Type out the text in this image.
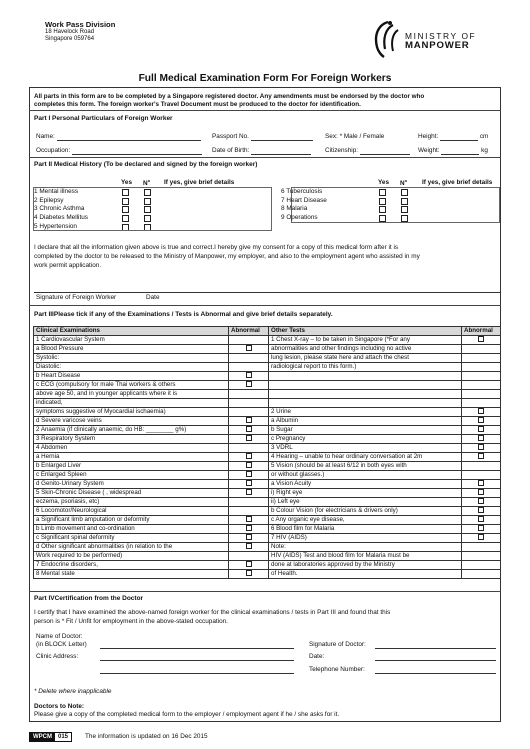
Work Pass Division
18 Havelock Road
Singapore 059764	MINISTRY OF
MANPOWER
Full Medical Examination Form For Foreign Workers
All parts in this form are to be completed by a Singapore registered doctor. Any amendments must be endorsed by the doctor who
completes this form. The foreign worker's Travel Document must be produced to the doctor for identification.
Part I Personal Particulars of Foreign Worker
Name:	Passport No.	Sex: * Male / Female	Height:	cm
Occupation:	Date of Birth:	Citizenship:	Weight:	kg
Part II Medical History (To be declared and signed by the foreign worker)
Yes $N^o$ If yes, give brief details	Yes $N^o$ If yes, give brief details
1 Mental illness
2 Epilepsy
3 Chronic Asthma
4 Diabetes Mellitus
5 Hypertension
6 Tuberculosis
7 Heart Disease
8 Malaria
9 Operations
I declare that all the information given above is true and correct.I hereby give my consent for a copy of this medical form after it is
completed by the doctor to be released to the Ministry of Manpower, my employer, and also to the employment agent who assisted in my
work permit application.
Signature of Foreign Worker	Date
Part IIIPlease tick if any of the Examinations / Tests is Abnormal and give brief details separately.
Clinical Examinations	Abnormal	Other Tests	Abnormal
1 Cardiovascular System		1 Chest X-ray – to be taken in Singapore (*For any	
a Blood Pressure		abnormalities and other findings including no active	
Systolic:		lung lesion, please state here and attach the chest	
Diastolic:		radiological report to this form.)	
b Heart Disease			
c ECG (compulsory for male Thai workers & others			
above age 50, and in younger applicants where it is			
indicated,			
symptoms suggestive of Myocardial ischaemia)		2 Urine	
d Severe varicose veins		a Albumin	
2 Anaemia (if clinically anaemic, do HB: ________ g%)		b Sugar	
3 Respiratory System		c Pregnancy	
4 Abdomen		3 VDRL	
a Hernia		4 Hearing – unable to hear ordinary conversation at 2m	
b Enlarged Liver		5 Vision (should be at least 6/12 in both eyes with	
c Enlarged Spleen		or without glasses.)	
d Genito-Urinary System		a Vision Acuity	
5 Skin-Chronic Disease ( , widespread		i) Right eye	
eczema, psoriasis, etc)		ii) Left eye	
6 Locomotor/Neurological		b Colour Vision (for electricians & drivers only)	
a Significant limb amputation or deformity		c Any organic eye disease,	
b Limb movement and co-ordination		6 Blood film for Malaria	
c Significant spinal deformity		7 HIV (AIDS)	
d Other significant abnormalities (in relation to the		Note:	
Work required to be performed)		HIV (AIDS) Test and blood film for Malaria must be	
7 Endocrine disorders,		done at laboratories approved by the Ministry	
8 Mental state		of Health.	
Part IVCertification from the Doctor
I certify that I have examined the above-named foreign worker for the clinical examinations / tests in Part III and found that this
person is * Fit / Unfit for employment in the above-stated occupation.
Name of Doctor:
(in BLOCK Letter)	Signature of Doctor:
Clinic Address:	Date:
Telephone Number:
* Delete where inapplicable
Doctors to Note:
Please give a copy of the completed medical form to the employer / employment agent if he / she asks for it.
WPCM	015	The information is updated on 16 Dec 2015
